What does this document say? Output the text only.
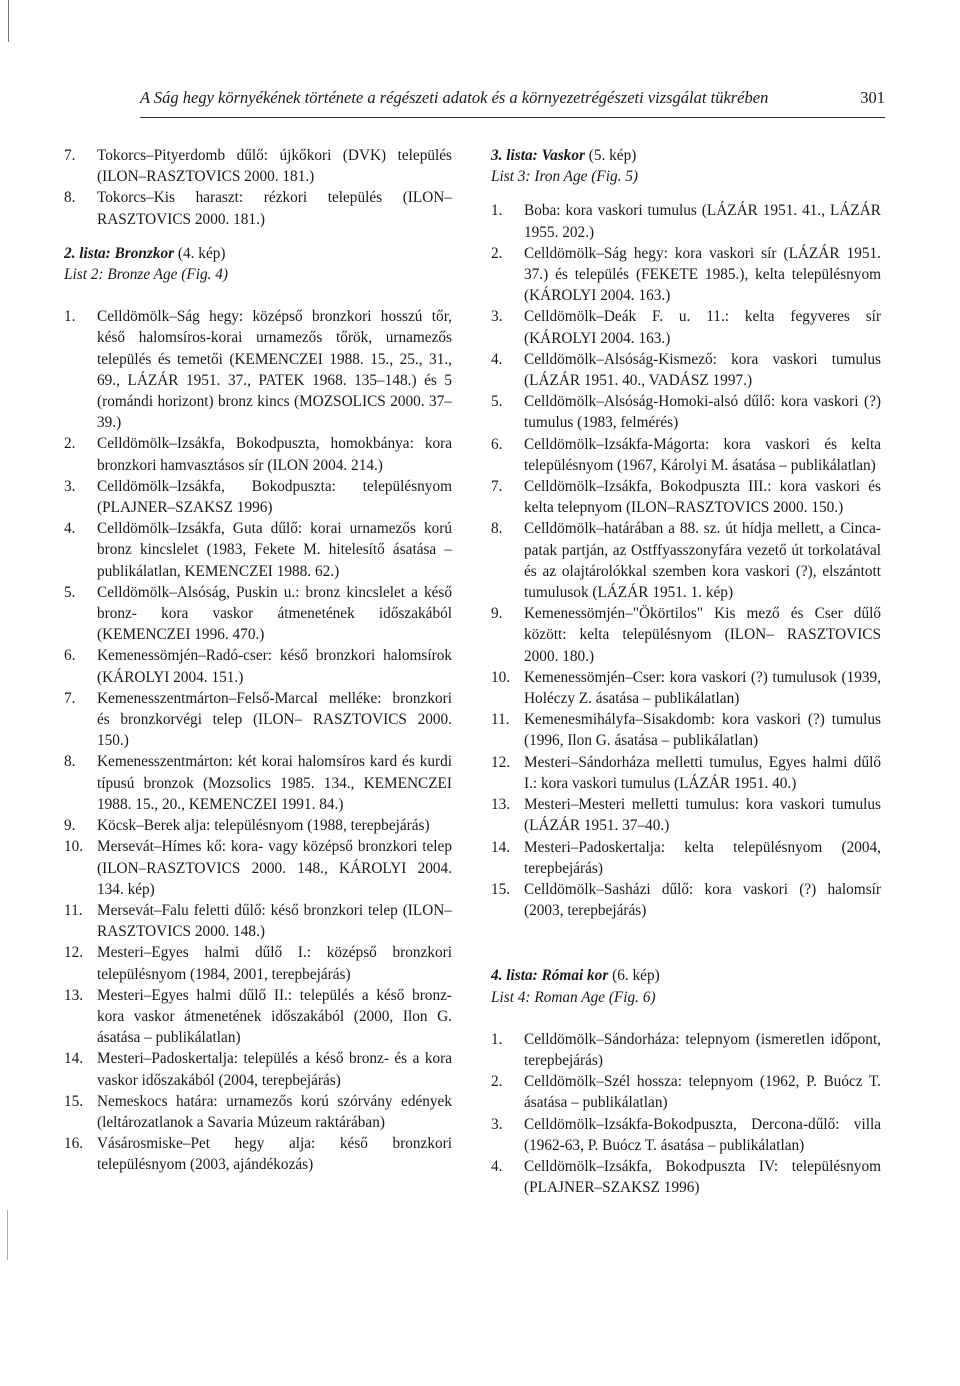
A Ság hegy környékének története a régészeti adatok és a környezetrégészeti vizsgálat tükrében	301
7.	Tokorcs–Pityerdomb dűlő: újkőkori (DVK) település (ILON–RASZTOVICS 2000. 181.)
8.	Tokorcs–Kis haraszt: rézkori település (ILON–RASZTOVICS 2000. 181.)
2. lista: Bronzkor (4. kép)
List 2: Bronze Age (Fig. 4)
1.	Celldömölk–Ság hegy: középső bronzkori hosszú tőr, késő halomsíros-korai urnamezős tőrök, urnamezős település és temetői (KEMENCZEI 1988. 15., 25., 31., 69., LÁZÁR 1951. 37., PATEK 1968. 135–148.) és 5 (romándi horizont) bronz kincs (MOZSOLICS 2000. 37–39.)
2.	Celldömölk–Izsákfa, Bokodpuszta, homokbánya: kora bronzkori hamvasztásos sír (ILON 2004. 214.)
3.	Celldömölk–Izsákfa, Bokodpuszta: településnyom (PLAJNER–SZAKSZ 1996)
4.	Celldömölk–Izsákfa, Guta dűlő: korai urnamezős korú bronz kincslelet (1983, Fekete M. hitelesítő ásatása – publikálatlan, KEMENCZEI 1988. 62.)
5.	Celldömölk–Alsóság, Puskin u.: bronz kincslelet a késő bronz- kora vaskor átmenetének időszakából (KEMENCZEI 1996. 470.)
6.	Kemenessömjén–Radó-cser: késő bronzkori halomsírok (KÁROLYI 2004. 151.)
7.	Kemenesszentmárton–Felső-Marcal melléke: bronzkori és bronzkorvégi telep (ILON– RASZTOVICS 2000. 150.)
8.	Kemenesszentmárton: két korai halomsíros kard és kurdi típusú bronzok (Mozsolics 1985. 134., KEMENCZEI 1988. 15., 20., KEMENCZEI 1991. 84.)
9.	Köcsk–Berek alja: településnyom (1988, terepbejárás)
10. Mersevát–Hímes kő: kora- vagy középső bronzkori telep (ILON–RASZTOVICS 2000. 148., KÁROLYI 2004. 134. kép)
11. Mersevát–Falu feletti dűlő: késő bronzkori telep (ILON–RASZTOVICS 2000. 148.)
12. Mesteri–Egyes halmi dűlő I.: középső bronzkori településnyom (1984, 2001, terepbejárás)
13. Mesteri–Egyes halmi dűlő II.: település a késő bronz- kora vaskor átmenetének időszakából (2000, Ilon G. ásatása – publikálatlan)
14. Mesteri–Padoskertalja: település a késő bronz- és a kora vaskor időszakából (2004, terepbejárás)
15. Nemeskocs határa: urnamezős korú szórvány edények (leltározatlanok a Savaria Múzeum raktárában)
16. Vásárosmiske–Pet hegy alja: késő bronzkori településnyom (2003, ajándékozás)
3. lista: Vaskor (5. kép)
List 3: Iron Age (Fig. 5)
1.	Boba: kora vaskori tumulus (LÁZÁR 1951. 41., LÁZÁR 1955. 202.)
2.	Celldömölk–Ság hegy: kora vaskori sír (LÁZÁR 1951. 37.) és település (FEKETE 1985.), kelta településnyom (KÁROLYI 2004. 163.)
3.	Celldömölk–Deák F. u. 11.: kelta fegyveres sír (KÁROLYI 2004. 163.)
4.	Celldömölk–Alsóság-Kismező: kora vaskori tumulus (LÁZÁR 1951. 40., VADÁSZ 1997.)
5.	Celldömölk–Alsóság-Homoki-alsó dűlő: kora vaskori (?) tumulus (1983, felmérés)
6.	Celldömölk–Izsákfa-Mágorta: kora vaskori és kelta településnyom (1967, Károlyi M. ásatása – publikálatlan)
7.	Celldömölk–Izsákfa, Bokodpuszta III.: kora vaskori és kelta telepnyom (ILON–RASZTOVICS 2000. 150.)
8.	Celldömölk–határában a 88. sz. út hídja mellett, a Cinca-patak partján, az Ostffyasszonyfára vezető út torkolatával és az olajtárolókkal szemben kora vaskori (?), elszántott tumulusok (LÁZÁR 1951. 1. kép)
9.	Kemenessömjén–"Ökörtilos" Kis mező és Cser dűlő között: kelta településnyom (ILON– RASZTOVICS 2000. 180.)
10. Kemenessömjén–Cser: kora vaskori (?) tumulusok (1939, Holéczy Z. ásatása – publikálatlan)
11. Kemenesmihályfa–Sisakdomb: kora vaskori (?) tumulus (1996, Ilon G. ásatása – publikálatlan)
12. Mesteri–Sándorháza melletti tumulus, Egyes halmi dűlő I.: kora vaskori tumulus (LÁZÁR 1951. 40.)
13. Mesteri–Mesteri melletti tumulus: kora vaskori tumulus (LÁZÁR 1951. 37–40.)
14. Mesteri–Padoskertalja: kelta településnyom (2004, terepbejárás)
15. Celldömölk–Sasházi dűlő: kora vaskori (?) halomsír (2003, terepbejárás)
4. lista: Római kor (6. kép)
List 4: Roman Age (Fig. 6)
1.	Celldömölk–Sándorháza: telepnyom (ismeretlen időpont, terepbejárás)
2.	Celldömölk–Szél hossza: telepnyom (1962, P. Buócz T. ásatása – publikálatlan)
3.	Celldömölk–Izsákfa-Bokodpuszta, Dercona-dűlő: villa (1962-63, P. Buócz T. ásatása – publikálatlan)
4.	Celldömölk–Izsákfa, Bokodpuszta IV: településnyom (PLAJNER–SZAKSZ 1996)
